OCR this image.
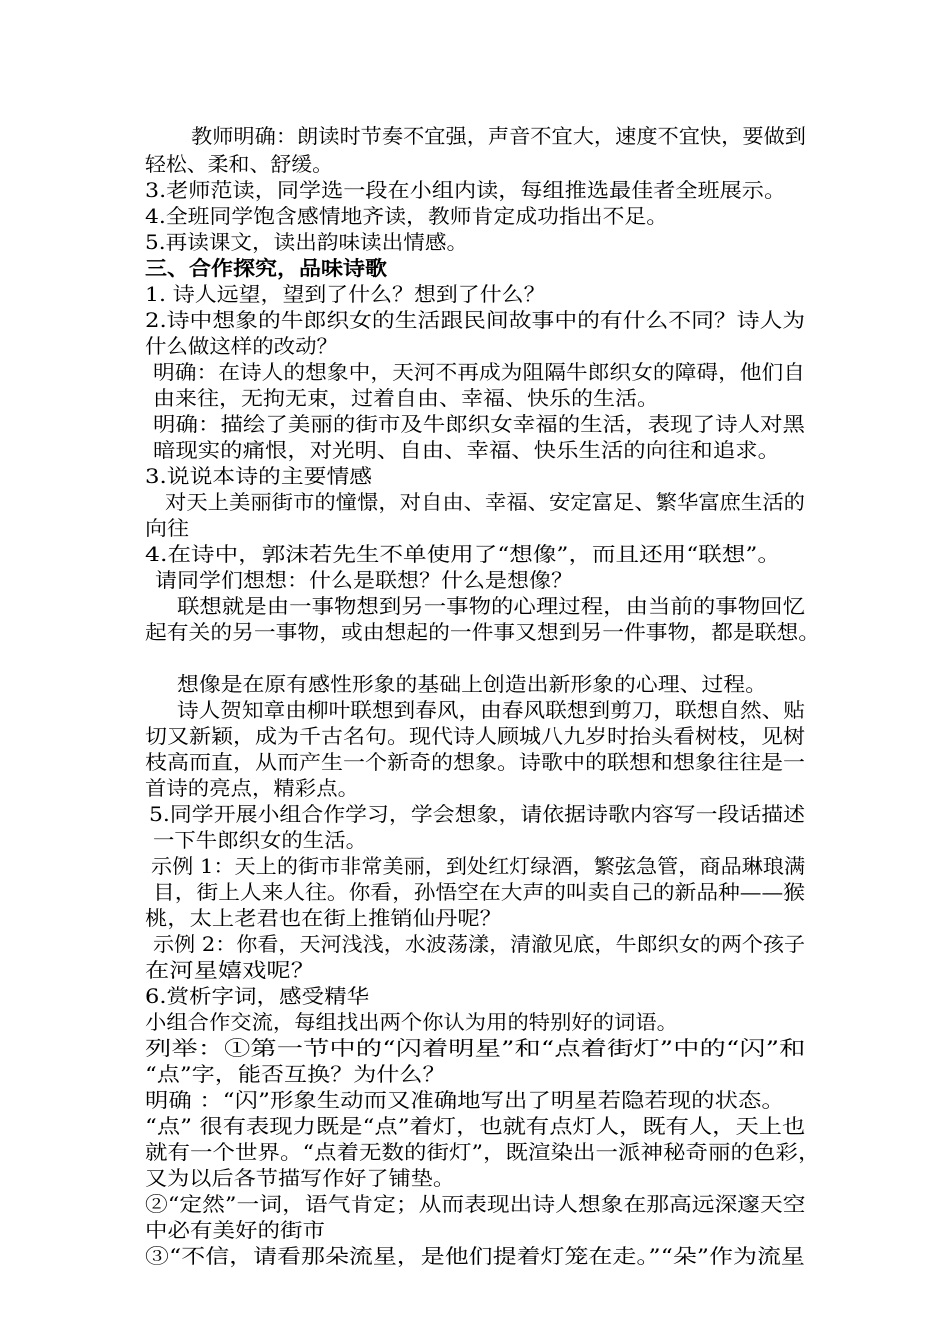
教师明确：朗读时节奏不宜强，声音不宜大，速度不宜快，要做到
轻松、柔和、舒缓。
3.老师范读，同学选一段在小组内读，每组推选最佳者全班展示。
4.全班同学饱含感情地齐读，教师肯定成功指出不足。
5.再读课文，读出韵味读出情感。
三、合作探究，品味诗歌
1. 诗人远望，望到了什么？想到了什么？
2.诗中想象的牛郎织女的生活跟民间故事中的有什么不同？诗人为
什么做这样的改动？
明确：在诗人的想象中，天河不再成为阻隔牛郎织女的障碍，他们自
由来往，无拘无束，过着自由、幸福、快乐的生活。
明确：描绘了美丽的街市及牛郎织女幸福的生活，表现了诗人对黑
暗现实的痛恨，对光明、自由、幸福、快乐生活的向往和追求。
3.说说本诗的主要情感
对天上美丽街市的憧憬，对自由、幸福、安定富足、繁华富庶生活的
向往
4.在诗中，郭沫若先生不单使用了“想像”，而且还用“联想”。
请同学们想想：什么是联想？什么是想像？
联想就是由一事物想到另一事物的心理过程，由当前的事物回忆
起有关的另一事物，或由想起的一件事又想到另一件事物，都是联想。
想像是在原有感性形象的基础上创造出新形象的心理、过程。
诗人贺知章由柳叶联想到春风，由春风联想到剪刀，联想自然、贴
切又新颖，成为千古名句。现代诗人顾城八九岁时抬头看树枝，见树
枝高而直，从而产生一个新奇的想象。诗歌中的联想和想象往往是一
首诗的亮点，精彩点。
5.同学开展小组合作学习，学会想象，请依据诗歌内容写一段话描述
一下牛郎织女的生活。
示例 1：天上的街市非常美丽，到处红灯绿酒，繁弦急管，商品琳琅满
目，街上人来人往。你看，孙悟空在大声的叫卖自己的新品种——猴
桃，太上老君也在街上推销仙丹呢？
示例 2：你看，天河浅浅，水波荡漾，清澈见底，牛郎织女的两个孩子
在河星嬉戏呢？
6.赏析字词，感受精华
小组合作交流，每组找出两个你认为用的特别好的词语。
列举：①第一节中的“闪着明星”和“点着街灯”中的“闪”和
“点”字，能否互换？为什么？
明确 ：“闪”形象生动而又准确地写出了明星若隐若现的状态。
“点” 很有表现力既是“点”着灯，也就有点灯人，既有人，天上也
就有一个世界。“点着无数的街灯”，既渲染出一派神秘奇丽的色彩，
又为以后各节描写作好了铺垫。
②“定然”一词，语气肯定；从而表现出诗人想象在那高远深邃天空
中必有美好的街市
③“不信，请看那朵流星，是他们提着灯笼在走。”“朵”作为流星
